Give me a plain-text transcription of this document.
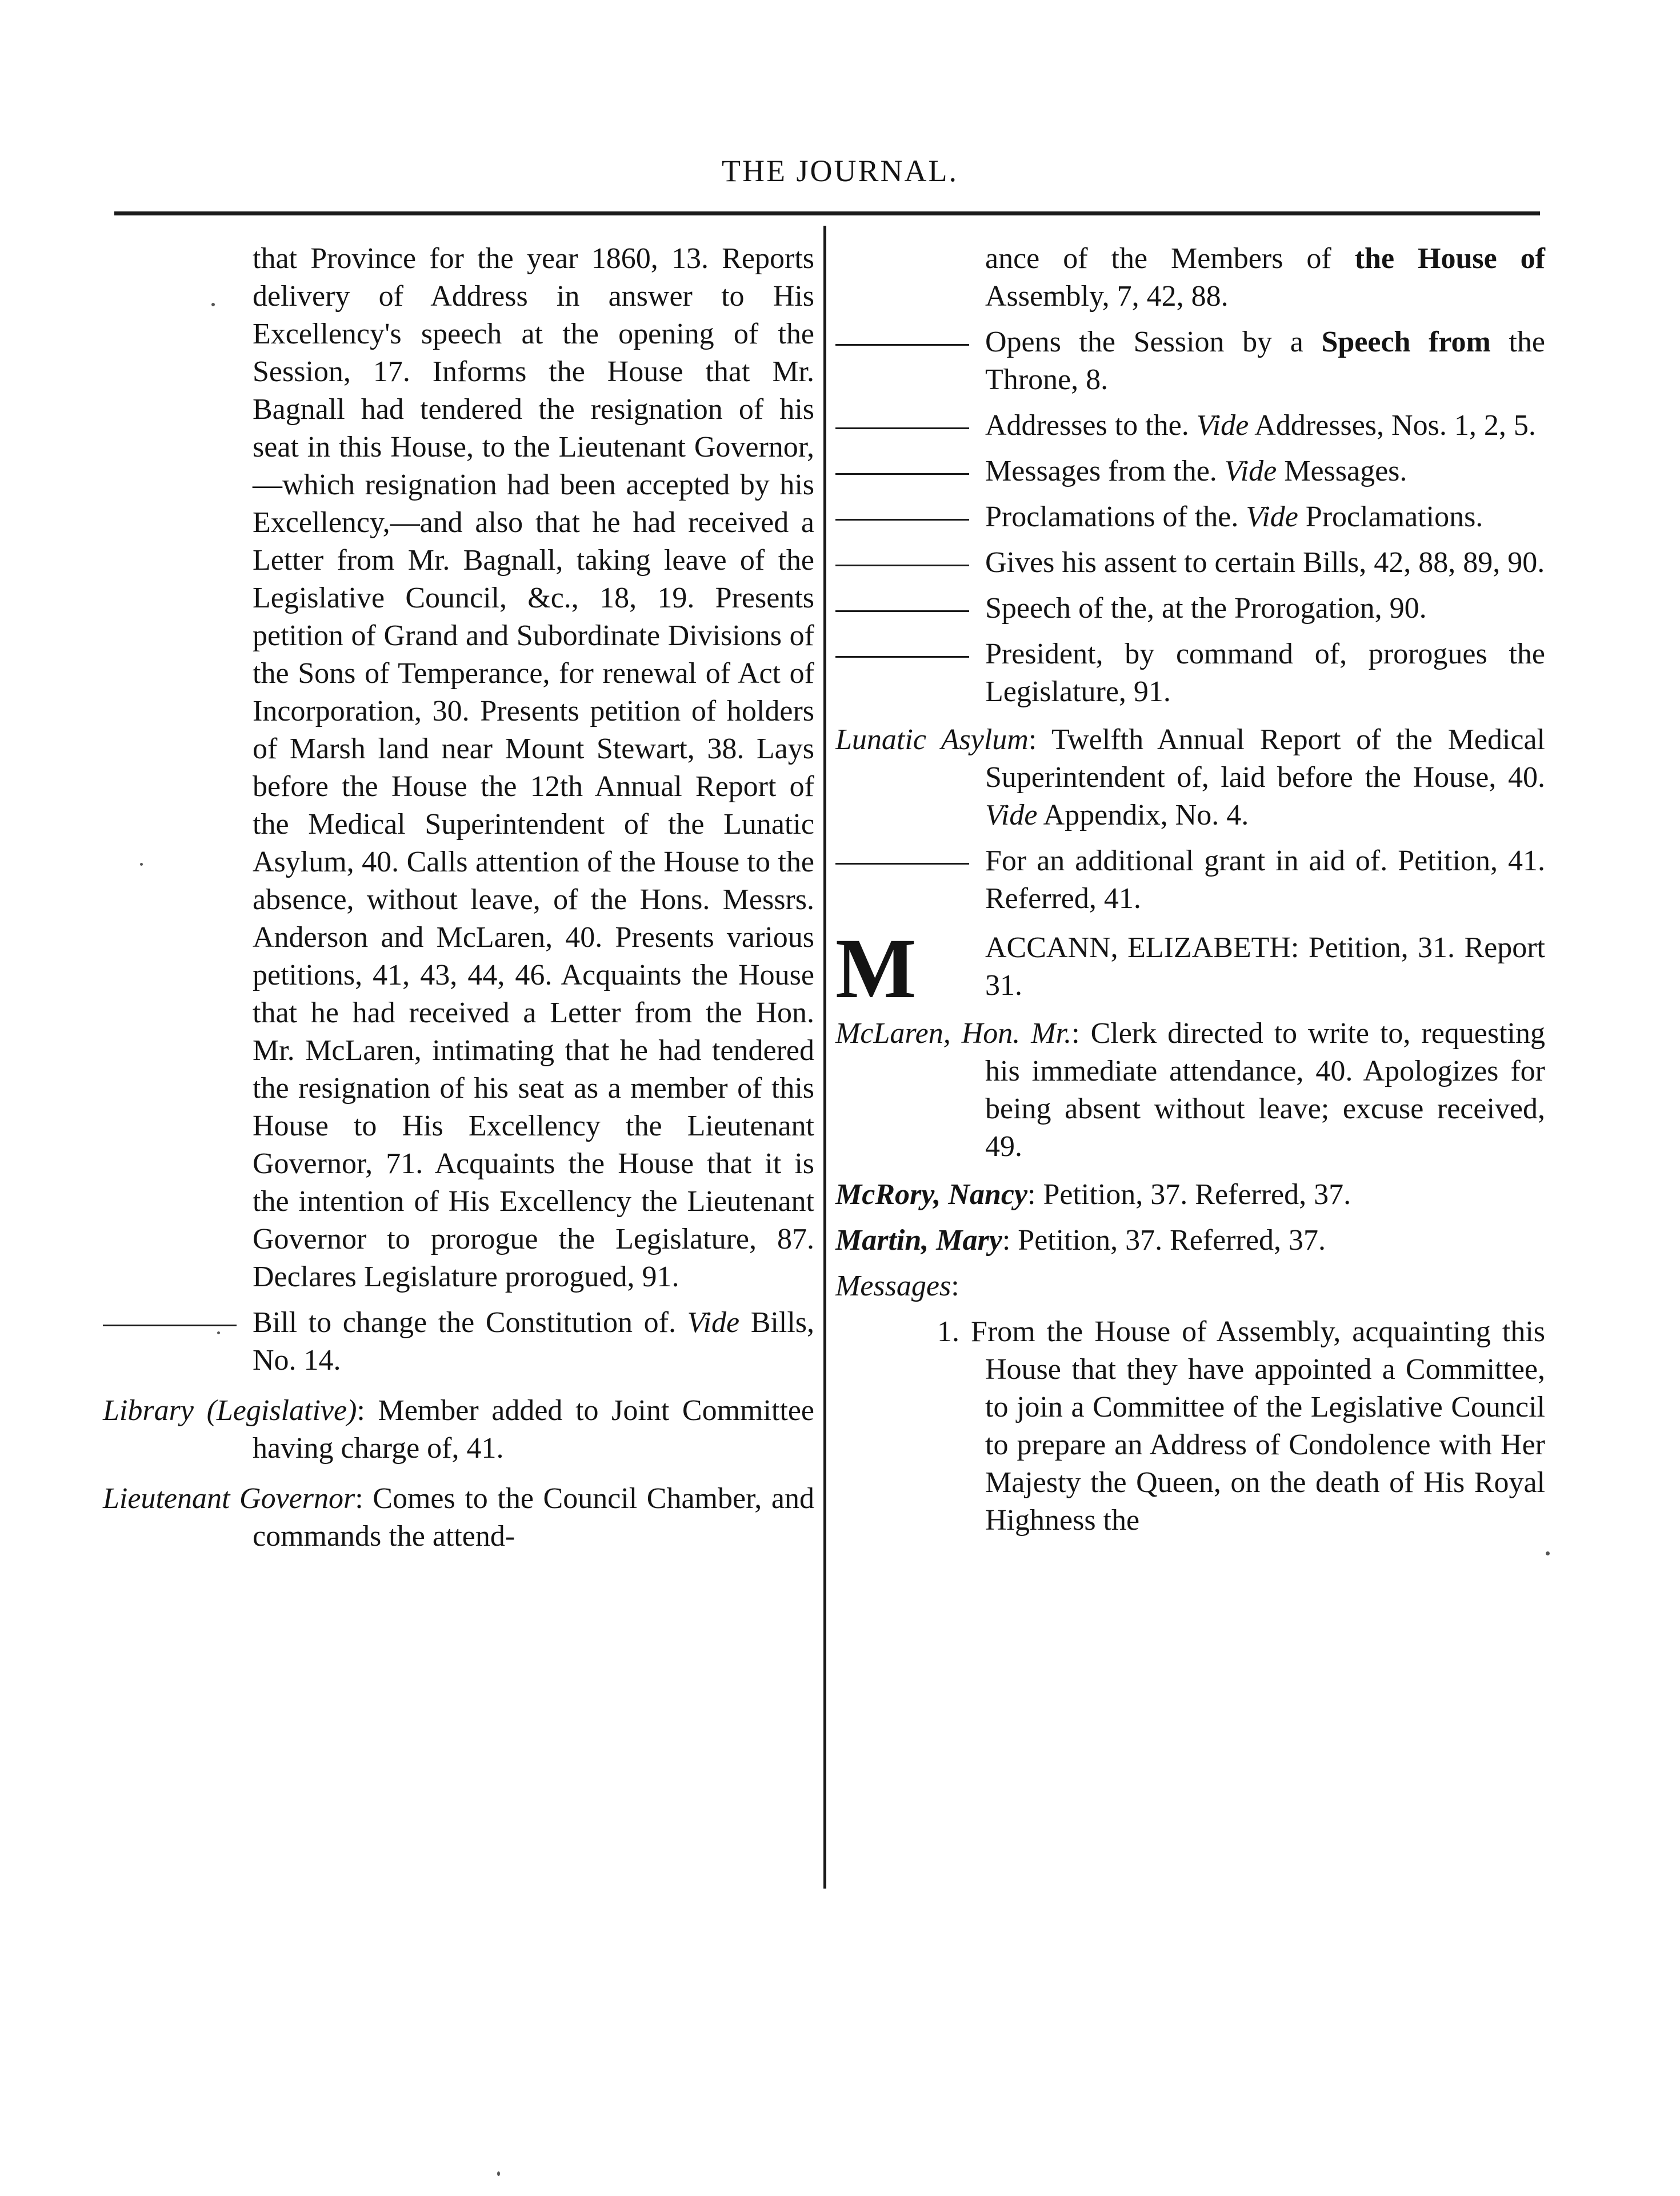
THE JOURNAL.

that Province for the year 1860, 13. Reports delivery of Address in answer to His Excellency's speech at the opening of the Session, 17. Informs the House that Mr. Bagnall had tendered the resignation of his seat in this House, to the Lieutenant Governor,—which resignation had been accepted by his Excellency,—and also that he had received a Letter from Mr. Bagnall, taking leave of the Legislative Council, &c., 18, 19. Presents petition of Grand and Subordinate Divisions of the Sons of Temperance, for renewal of Act of Incorporation, 30. Presents petition of holders of Marsh land near Mount Stewart, 38. Lays before the House the 12th Annual Report of the Medical Superintendent of the Lunatic Asylum, 40. Calls attention of the House to the absence, without leave, of the Hons. Messrs. Anderson and McLaren, 40. Presents various petitions, 41, 43, 44, 46. Acquaints the House that he had received a Letter from the Hon. Mr. McLaren, intimating that he had tendered the resignation of his seat as a member of this House to His Excellency the Lieutenant Governor, 71. Acquaints the House that it is the intention of His Excellency the Lieutenant Governor to prorogue the Legislature, 87. Declares Legislature prorogued, 91.

Bill to change the Constitution of. Vide Bills, No. 14.

Library (Legislative): Member added to Joint Committee having charge of, 41.

Lieutenant Governor: Comes to the Council Chamber, and commands the attend-

ance of the Members of the House of Assembly, 7, 42, 88.

Opens the Session by a Speech from the Throne, 8.

Addresses to the. Vide Addresses, Nos. 1, 2, 5.

Messages from the. Vide Messages.

Proclamations of the. Vide Proclamations.

Gives his assent to certain Bills, 42, 88, 89, 90.

Speech of the, at the Prorogation, 90.

President, by command of, prorogues the Legislature, 91.

Lunatic Asylum: Twelfth Annual Report of the Medical Superintendent of, laid before the House, 40. Vide Appendix, No. 4.

For an additional grant in aid of. Petition, 41. Referred, 41.

M ACCANN, ELIZABETH: Petition, 31. Report 31.

McLaren, Hon. Mr.: Clerk directed to write to, requesting his immediate attendance, 40. Apologizes for being absent without leave; excuse received, 49.

McRory, Nancy: Petition, 37. Referred, 37.

Martin, Mary: Petition, 37. Referred, 37.

Messages:

1. From the House of Assembly, acquainting this House that they have appointed a Committee, to join a Committee of the Legislative Council to prepare an Address of Condolence with Her Majesty the Queen, on the death of His Royal Highness the
